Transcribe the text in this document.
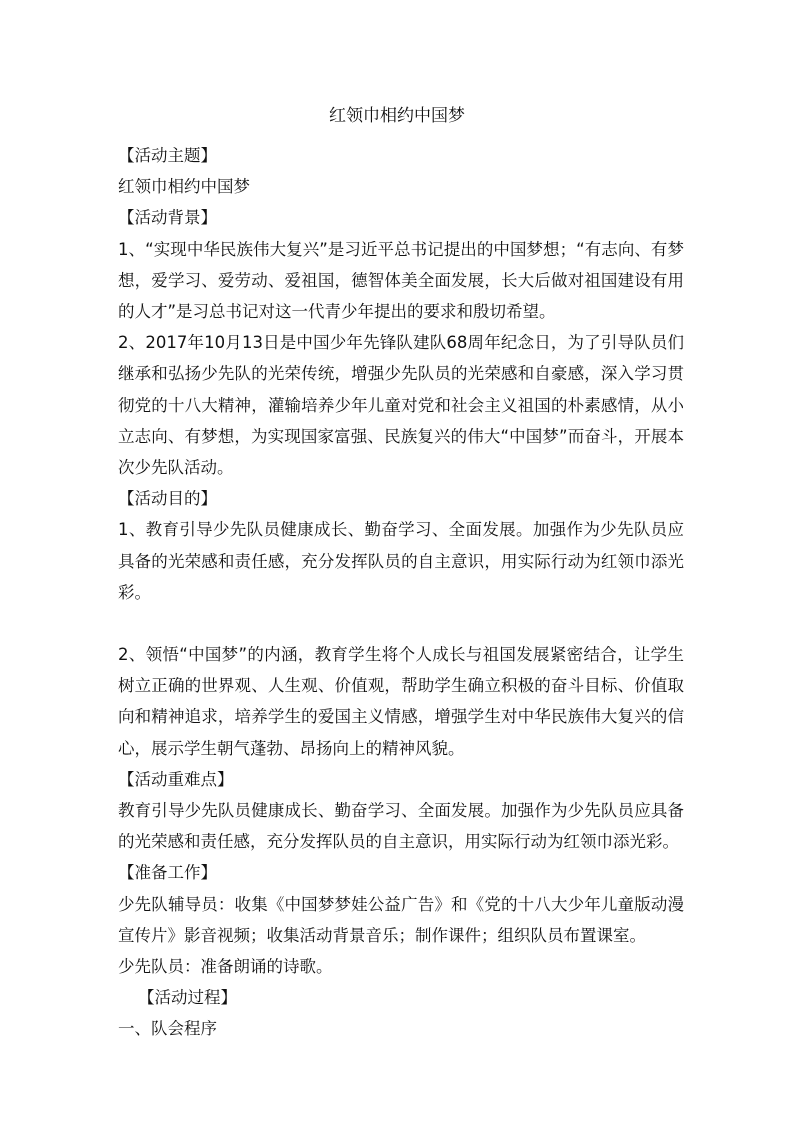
红领巾相约中国梦

【活动主题】

红领巾相约中国梦

【活动背景】

1、“实现中华民族伟大复兴”是习近平总书记提出的中国梦想；“有志向、有梦想，爱学习、爱劳动、爱祖国，德智体美全面发展，长大后做对祖国建设有用的人才”是习总书记对这一代青少年提出的要求和殷切希望。

2、2017年10月13日是中国少年先锋队建队68周年纪念日，为了引导队员们继承和弘扬少先队的光荣传统，增强少先队员的光荣感和自豪感，深入学习贯彻党的十八大精神，灌输培养少年儿童对党和社会主义祖国的朴素感情，从小立志向、有梦想，为实现国家富强、民族复兴的伟大“中国梦”而奋斗，开展本次少先队活动。

【活动目的】

1、教育引导少先队员健康成长、勤奋学习、全面发展。加强作为少先队员应具备的光荣感和责任感，充分发挥队员的自主意识，用实际行动为红领巾添光彩。

2、领悟“中国梦”的内涵，教育学生将个人成长与祖国发展紧密结合，让学生树立正确的世界观、人生观、价值观，帮助学生确立积极的奋斗目标、价值取向和精神追求，培养学生的爱国主义情感，增强学生对中华民族伟大复兴的信心，展示学生朝气蓬勃、昂扬向上的精神风貌。

【活动重难点】

教育引导少先队员健康成长、勤奋学习、全面发展。加强作为少先队员应具备的光荣感和责任感，充分发挥队员的自主意识，用实际行动为红领巾添光彩。

【准备工作】

少先队辅导员：收集《中国梦梦娃公益广告》和《党的十八大少年儿童版动漫宣传片》影音视频；收集活动背景音乐；制作课件；组织队员布置课室。

少先队员：准备朗诵的诗歌。

【活动过程】

一、队会程序
